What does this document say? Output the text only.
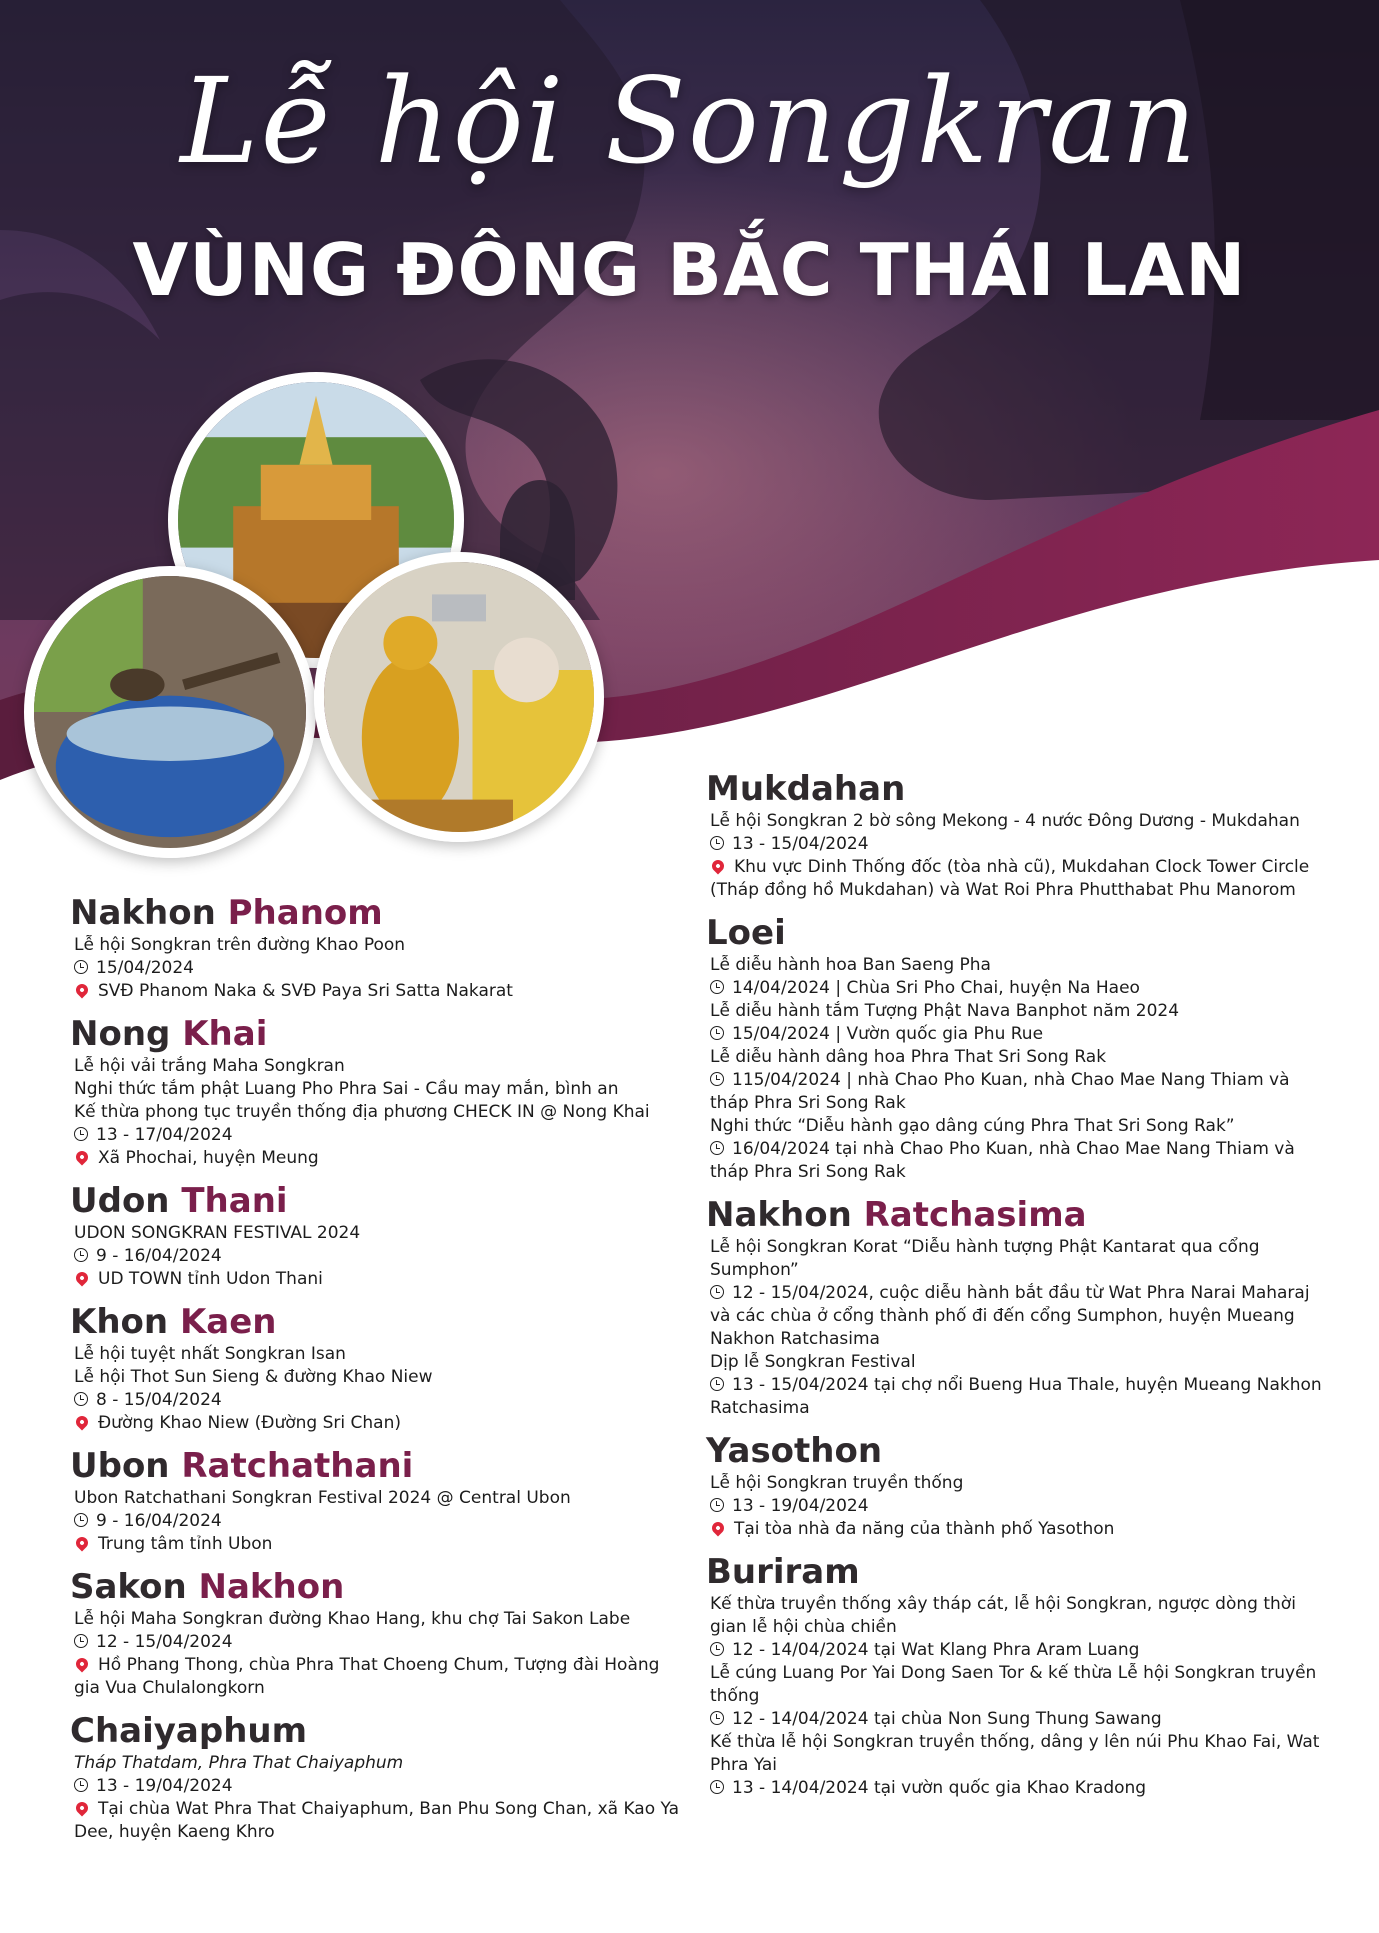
Lễ hội Songkran
VÙNG ĐÔNG BẮC THÁI LAN
Nakhon Phanom
Lễ hội Songkran trên đường Khao Poon
15/04/2024
SVĐ Phanom Naka & SVĐ Paya Sri Satta Nakarat
Nong Khai
Lễ hội vải trắng Maha Songkran
Nghi thức tắm phật Luang Pho Phra Sai - Cầu may mắn, bình an
Kế thừa phong tục truyền thống địa phương CHECK IN @ Nong Khai
13 - 17/04/2024
Xã Phochai, huyện Meung
Udon Thani
UDON SONGKRAN FESTIVAL 2024
9 - 16/04/2024
UD TOWN tỉnh Udon Thani
Khon Kaen
Lễ hội tuyệt nhất Songkran Isan
Lễ hội Thot Sun Sieng & đường Khao Niew
8 - 15/04/2024
Đường Khao Niew (Đường Sri Chan)
Ubon Ratchathani
Ubon Ratchathani Songkran Festival 2024 @ Central Ubon
9 - 16/04/2024
Trung tâm tỉnh Ubon
Sakon Nakhon
Lễ hội Maha Songkran đường Khao Hang, khu chợ Tai Sakon Labe
12 - 15/04/2024
Hồ Phang Thong, chùa Phra That Choeng Chum, Tượng đài Hoàng gia Vua Chulalongkorn
Chaiyaphum
Tháp Thatdam, Phra That Chaiyaphum
13 - 19/04/2024
Tại chùa Wat Phra That Chaiyaphum, Ban Phu Song Chan, xã Kao Ya Dee, huyện Kaeng Khro
Mukdahan
Lễ hội Songkran 2 bờ sông Mekong - 4 nước Đông Dương - Mukdahan
13 - 15/04/2024
Khu vực Dinh Thống đốc (tòa nhà cũ), Mukdahan Clock Tower Circle (Tháp đồng hồ Mukdahan) và Wat Roi Phra Phutthabat Phu Manorom
Loei
Lễ diễu hành hoa Ban Saeng Pha
14/04/2024 | Chùa Sri Pho Chai, huyện Na Haeo
Lễ diễu hành tắm Tượng Phật Nava Banphot năm 2024
15/04/2024 | Vườn quốc gia Phu Rue
Lễ diễu hành dâng hoa Phra That Sri Song Rak
115/04/2024 | nhà Chao Pho Kuan, nhà Chao Mae Nang Thiam và tháp Phra Sri Song Rak
Nghi thức “Diễu hành gạo dâng cúng Phra That Sri Song Rak”
16/04/2024 tại nhà Chao Pho Kuan, nhà Chao Mae Nang Thiam và tháp Phra Sri Song Rak
Nakhon Ratchasima
Lễ hội Songkran Korat “Diễu hành tượng Phật Kantarat qua cổng Sumphon”
12 - 15/04/2024, cuộc diễu hành bắt đầu từ Wat Phra Narai Maharaj và các chùa ở cổng thành phố đi đến cổng Sumphon, huyện Mueang Nakhon Ratchasima
Dịp lễ Songkran Festival
13 - 15/04/2024 tại chợ nổi Bueng Hua Thale, huyện Mueang Nakhon Ratchasima
Yasothon
Lễ hội Songkran truyền thống
13 - 19/04/2024
Tại tòa nhà đa năng của thành phố Yasothon
Buriram
Kế thừa truyền thống xây tháp cát, lễ hội Songkran, ngược dòng thời gian lễ hội chùa chiền
12 - 14/04/2024 tại Wat Klang Phra Aram Luang
Lễ cúng Luang Por Yai Dong Saen Tor & kế thừa Lễ hội Songkran truyền thống
12 - 14/04/2024 tại chùa Non Sung Thung Sawang
Kế thừa lễ hội Songkran truyền thống, dâng y lên núi Phu Khao Fai, Wat Phra Yai
13 - 14/04/2024 tại vườn quốc gia Khao Kradong
